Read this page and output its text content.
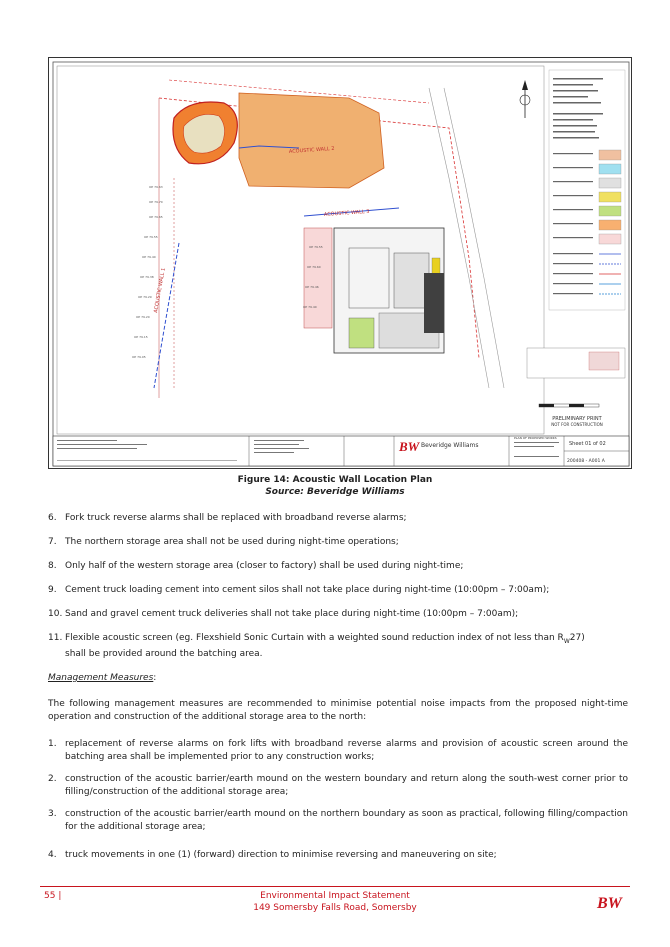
ACOUSTIC WALL 2
ACOUSTIC WALL 3
ACOUSTIC WALL 1
OP 79.63
OP 79.70
OP 79.65
OP 79.55
OP 79.40
OP 79.38
OP 79.29
OP 79.20
OP 79.15
OP 79.05
OP 79.55
OP 79.60
OP 79.46
OP 79.40
PRELIMINARY PRINT
NOT FOR CONSTRUCTION
BW Beveridge Williams
PLAN OF PROPOSED WORKS
Sheet 01 of 02
200408 - A001 A
Figure 14: Acoustic Wall Location Plan
Source: Beveridge Williams
6. Fork truck reverse alarms shall be replaced with broadband reverse alarms;
7. The northern storage area shall not be used during night-time operations;
8. Only half of the western storage area (closer to factory) shall be used during night-time;
9. Cement truck loading cement into cement silos shall not take place during night-time (10:00pm – 7:00am);
10. Sand and gravel cement truck deliveries shall not take place during night-time (10:00pm – 7:00am);
11. Flexible acoustic screen (eg. Flexshield Sonic Curtain with a weighted sound reduction index of not less than $R_W27$)
shall be provided around the batching area.
Management Measures:
The following management measures are recommended to minimise potential noise impacts from the proposed night-time operation and construction of the additional storage area to the north:
1. replacement of reverse alarms on fork lifts with broadband reverse alarms and provision of acoustic screen around the batching area shall be implemented prior to any construction works;
2. construction of the acoustic barrier/earth mound on the western boundary and return along the south-west corner prior to filling/construction of the additional storage area;
3. construction of the acoustic barrier/earth mound on the northern boundary as soon as practical, following filling/compaction for the additional storage area;
4. truck movements in one (1) (forward) direction to minimise reversing and maneuvering on site;
55 |	Environmental Impact Statement
149 Somersby Falls Road, Somersby	BW
